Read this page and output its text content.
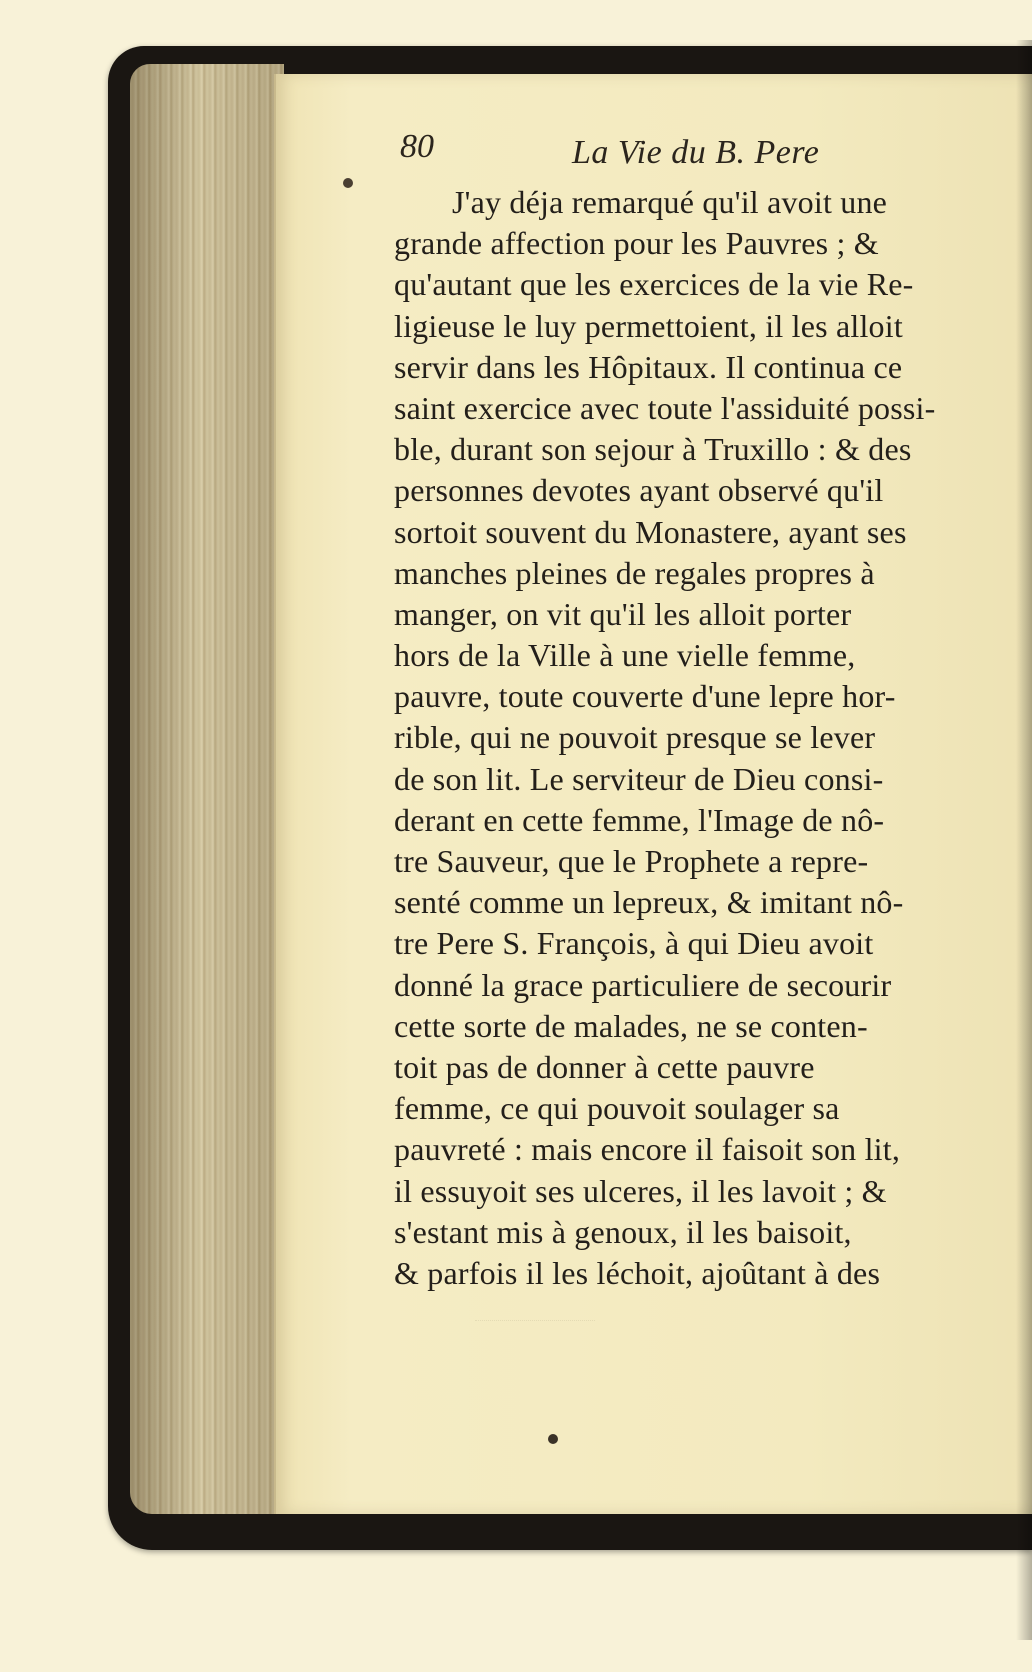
80	La Vie du B. Pere
J'ay déja remarqué qu'il avoit une
grande affection pour les Pauvres ; &
qu'autant que les exercices de la vie Re-
ligieuse le luy permettoient, il les alloit
servir dans les Hôpitaux. Il continua ce
saint exercice avec toute l'assiduité possi-
ble, durant son sejour à Truxillo : & des
personnes devotes ayant observé qu'il
sortoit souvent du Monastere, ayant ses
manches pleines de regales propres à
manger, on vit qu'il les alloit porter
hors de la Ville à une vielle femme,
pauvre, toute couverte d'une lepre hor-
rible, qui ne pouvoit presque se lever
de son lit. Le serviteur de Dieu consi-
derant en cette femme, l'Image de nô-
tre Sauveur, que le Prophete a repre-
senté comme un lepreux, & imitant nô-
tre Pere S. François, à qui Dieu avoit
donné la grace particuliere de secourir
cette sorte de malades, ne se conten-
toit pas de donner à cette pauvre
femme, ce qui pouvoit soulager sa
pauvreté : mais encore il faisoit son lit,
il essuyoit ses ulceres, il les lavoit ; &
s'estant mis à genoux, il les baisoit,
& parfois il les léchoit, ajoûtant à des
